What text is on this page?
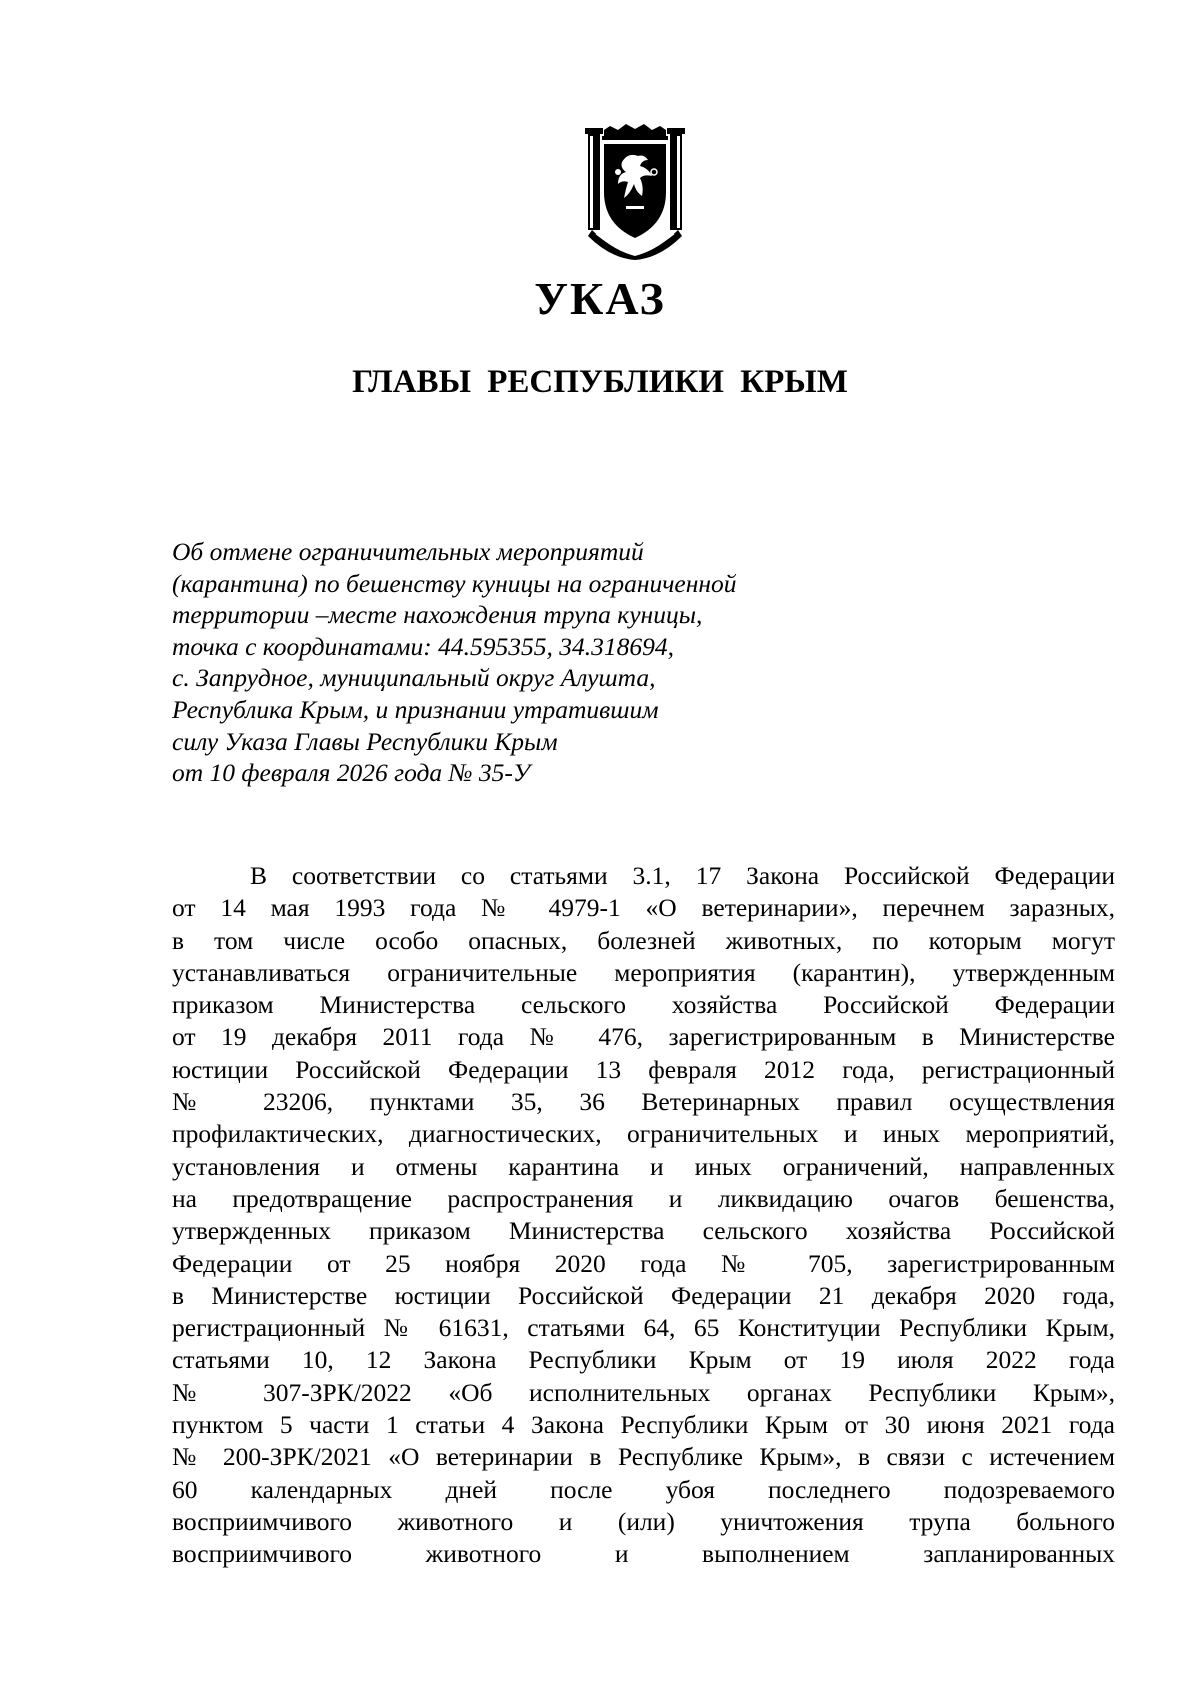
УКАЗ
ГЛАВЫ РЕСПУБЛИКИ КРЫМ
Об отмене ограничительных мероприятий
(карантина) по бешенству куницы на ограниченной
территории –месте нахождения трупа куницы,
точка с координатами: 44.595355, 34.318694,
с. Запрудное, муниципальный округ Алушта,
Республика Крым, и признании утратившим
силу Указа Главы Республики Крым
от 10 февраля 2026 года № 35-У
В соответствии со статьями 3.1, 17 Закона Российской Федерации
от 14 мая 1993 года № 4979-1 «О ветеринарии», перечнем заразных,
в том числе особо опасных, болезней животных, по которым могут
устанавливаться ограничительные мероприятия (карантин), утвержденным
приказом Министерства сельского хозяйства Российской Федерации
от 19 декабря 2011 года № 476, зарегистрированным в Министерстве
юстиции Российской Федерации 13 февраля 2012 года, регистрационный
№ 23206, пунктами 35, 36 Ветеринарных правил осуществления
профилактических, диагностических, ограничительных и иных мероприятий,
установления и отмены карантина и иных ограничений, направленных
на предотвращение распространения и ликвидацию очагов бешенства,
утвержденных приказом Министерства сельского хозяйства Российской
Федерации от 25 ноября 2020 года № 705, зарегистрированным
в Министерстве юстиции Российской Федерации 21 декабря 2020 года,
регистрационный № 61631, статьями 64, 65 Конституции Республики Крым,
статьями 10, 12 Закона Республики Крым от 19 июля 2022 года
№ 307-ЗРК/2022 «Об исполнительных органах Республики Крым»,
пунктом 5 части 1 статьи 4 Закона Республики Крым от 30 июня 2021 года
№ 200-ЗРК/2021 «О ветеринарии в Республике Крым», в связи с истечением
60 календарных дней после убоя последнего подозреваемого
восприимчивого животного и (или) уничтожения трупа больного
восприимчивого животного и выполнением запланированных
